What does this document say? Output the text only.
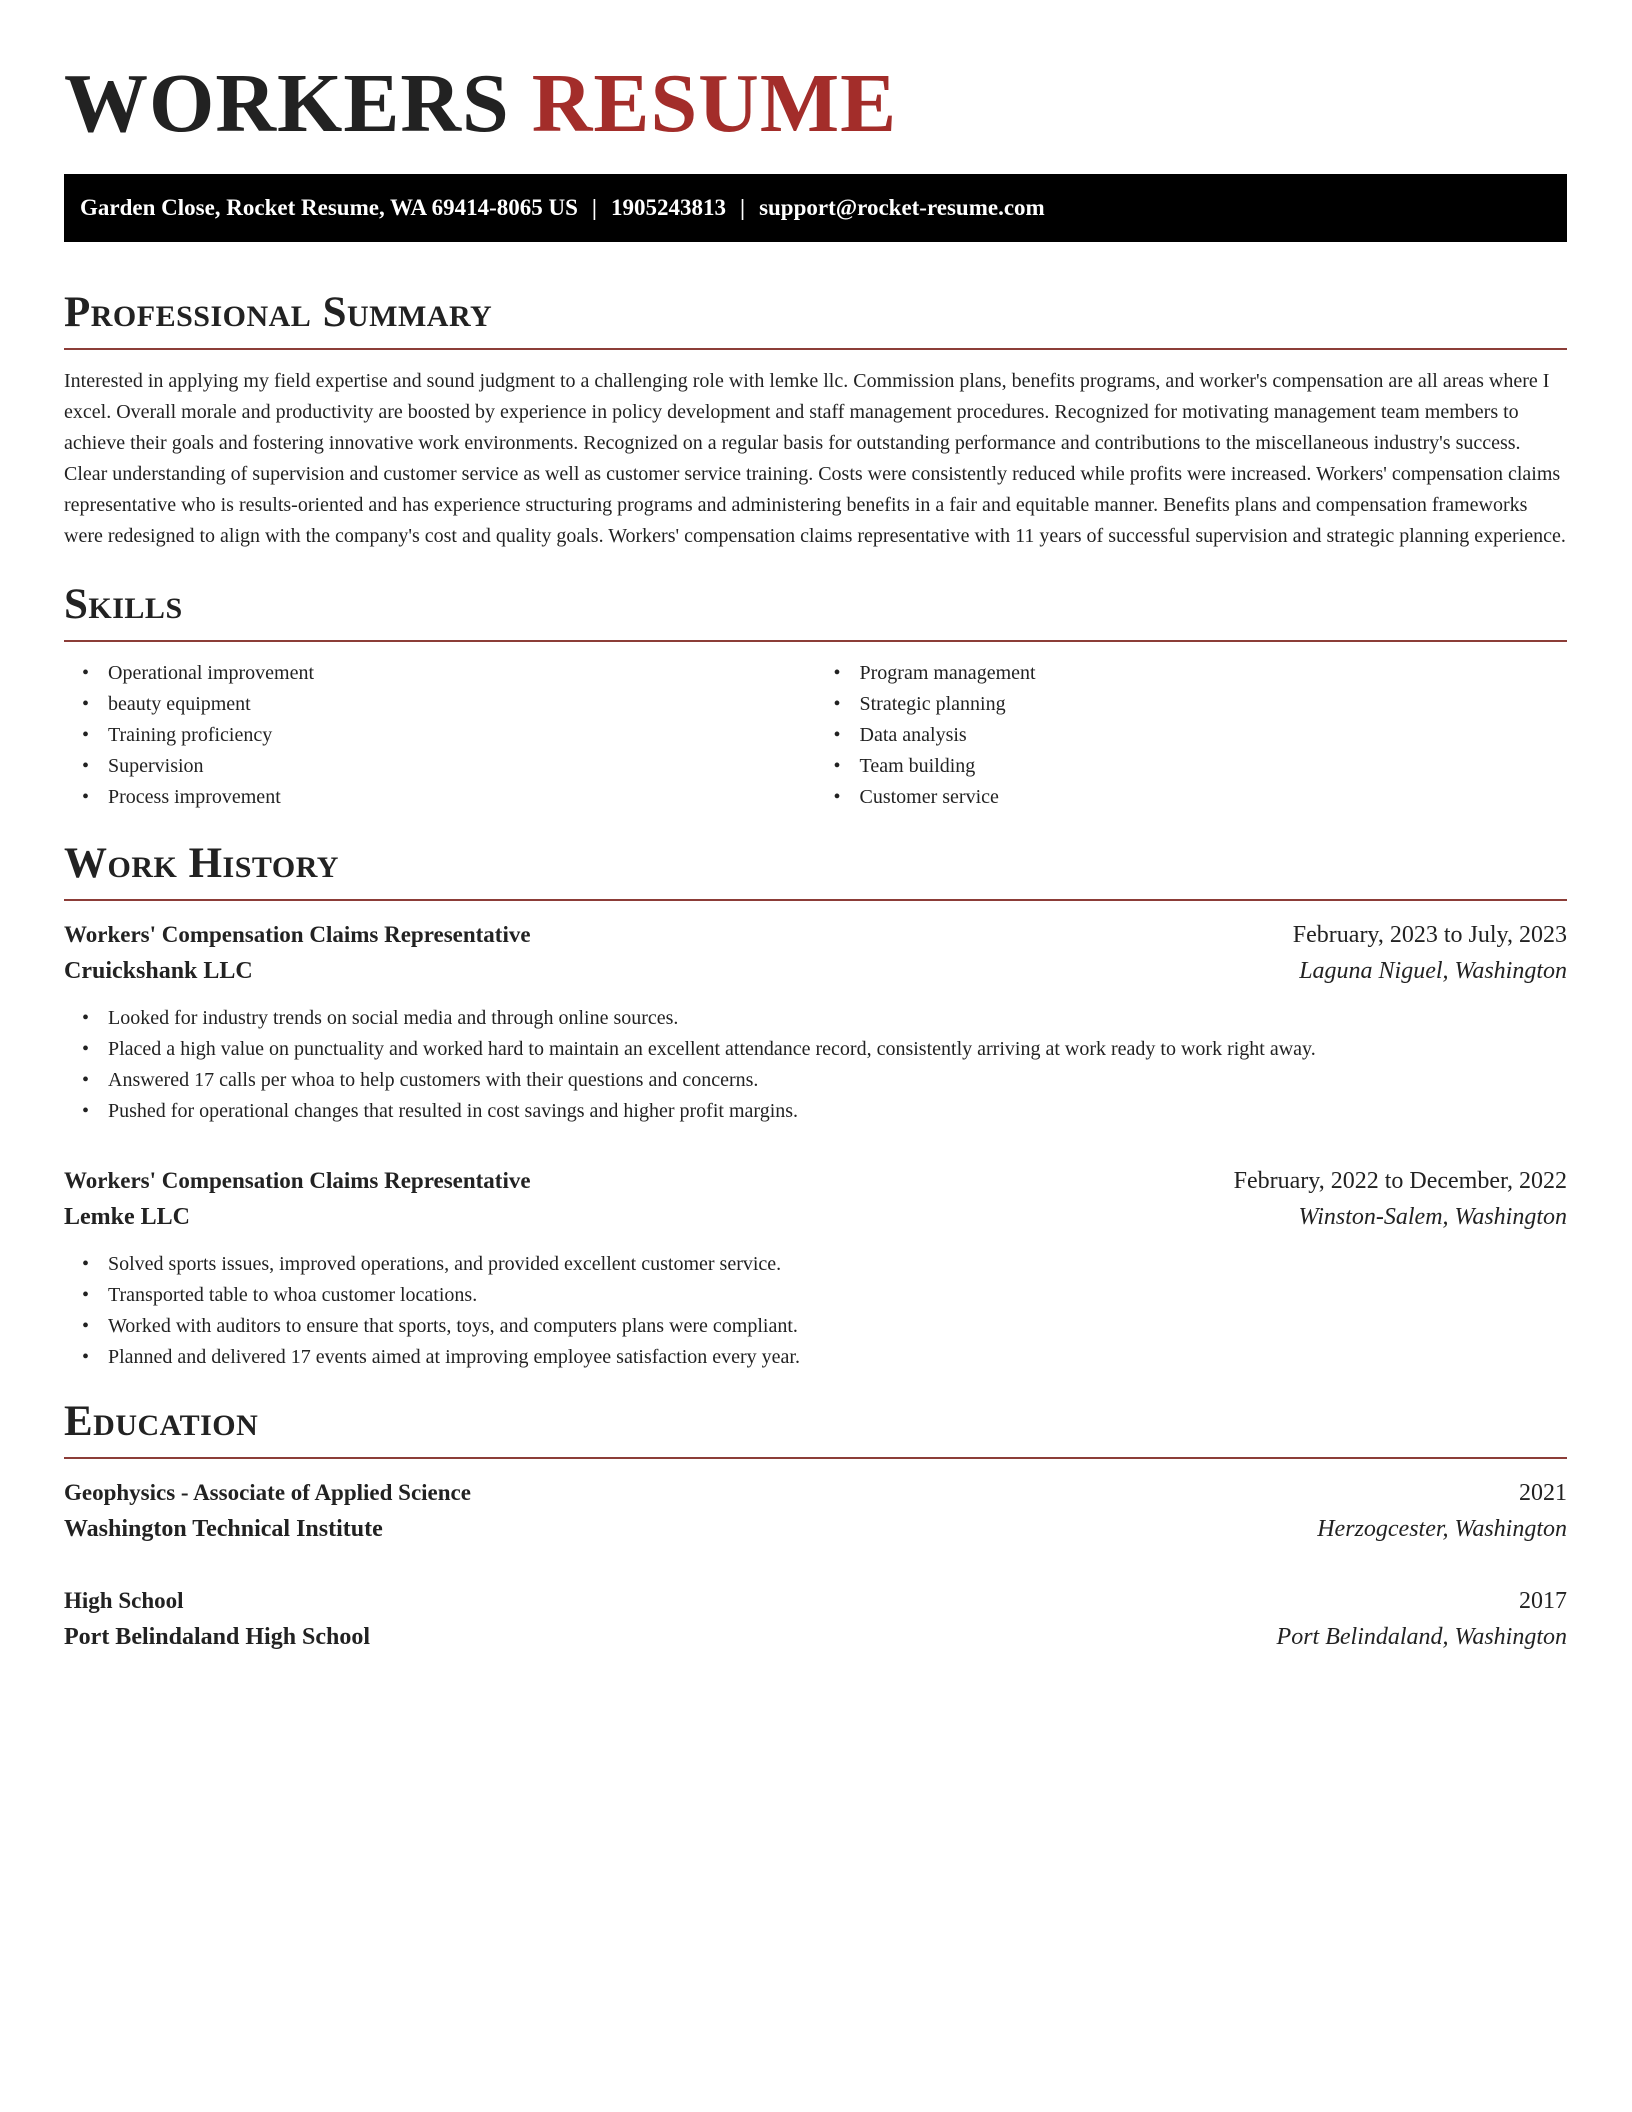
WORKERS RESUME
Garden Close, Rocket Resume, WA 69414-8065 US | 1905243813 | support@rocket-resume.com
Professional Summary

Interested in applying my field expertise and sound judgment to a challenging role with lemke llc. Commission plans, benefits programs, and worker's compensation are all areas where I excel. Overall morale and productivity are boosted by experience in policy development and staff management procedures. Recognized for motivating management team members to achieve their goals and fostering innovative work environments. Recognized on a regular basis for outstanding performance and contributions to the miscellaneous industry's success. Clear understanding of supervision and customer service as well as customer service training. Costs were consistently reduced while profits were increased. Workers' compensation claims representative who is results-oriented and has experience structuring programs and administering benefits in a fair and equitable manner. Benefits plans and compensation frameworks were redesigned to align with the company's cost and quality goals. Workers' compensation claims representative with 11 years of successful supervision and strategic planning experience.

Skills
• Operational improvement
• beauty equipment
• Training proficiency
• Supervision
• Process improvement
• Program management
• Strategic planning
• Data analysis
• Team building
• Customer service
Work History
Workers' Compensation Claims Representative	February, 2023 to July, 2023
Cruickshank LLC	Laguna Niguel, Washington
• Looked for industry trends on social media and through online sources.
• Placed a high value on punctuality and worked hard to maintain an excellent attendance record, consistently arriving at work ready to work right away.
• Answered 17 calls per whoa to help customers with their questions and concerns.
• Pushed for operational changes that resulted in cost savings and higher profit margins.
Workers' Compensation Claims Representative	February, 2022 to December, 2022
Lemke LLC	Winston-Salem, Washington
• Solved sports issues, improved operations, and provided excellent customer service.
• Transported table to whoa customer locations.
• Worked with auditors to ensure that sports, toys, and computers plans were compliant.
• Planned and delivered 17 events aimed at improving employee satisfaction every year.
Education
Geophysics - Associate of Applied Science	2021
Washington Technical Institute	Herzogcester, Washington
High School	2017
Port Belindaland High School	Port Belindaland, Washington
